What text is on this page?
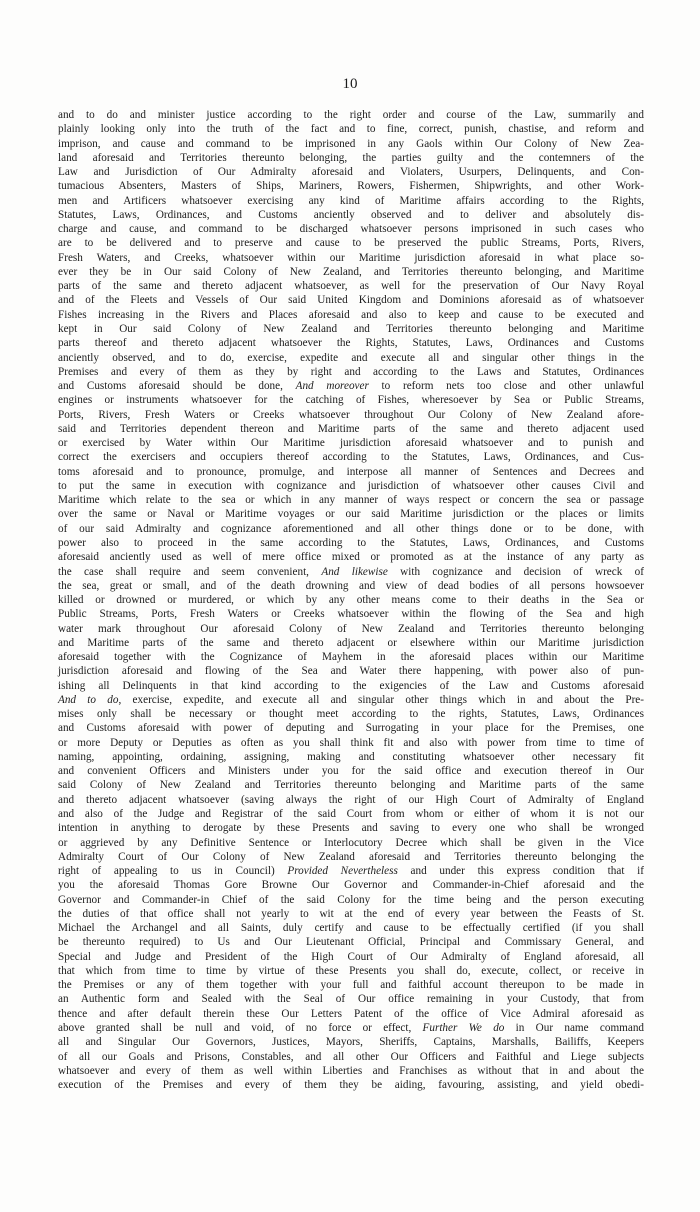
10
and to do and minister justice according to the right order and course of the Law, summarily and
plainly looking only into the truth of the fact and to fine, correct, punish, chastise, and reform and
imprison, and cause and command to be imprisoned in any Gaols within Our Colony of New Zea-
land aforesaid and Territories thereunto belonging, the parties guilty and the contemners of the
Law and Jurisdiction of Our Admiralty aforesaid and Violaters, Usurpers, Delinquents, and Con-
tumacious Absenters, Masters of Ships, Mariners, Rowers, Fishermen, Shipwrights, and other Work-
men and Artificers whatsoever exercising any kind of Maritime affairs according to the Rights,
Statutes, Laws, Ordinances, and Customs anciently observed and to deliver and absolutely dis-
charge and cause, and command to be discharged whatsoever persons imprisoned in such cases who
are to be delivered and to preserve and cause to be preserved the public Streams, Ports, Rivers,
Fresh Waters, and Creeks, whatsoever within our Maritime jurisdiction aforesaid in what place so-
ever they be in Our said Colony of New Zealand, and Territories thereunto belonging, and Maritime
parts of the same and thereto adjacent whatsoever, as well for the preservation of Our Navy Royal
and of the Fleets and Vessels of Our said United Kingdom and Dominions aforesaid as of whatsoever
Fishes increasing in the Rivers and Places aforesaid and also to keep and cause to be executed and
kept in Our said Colony of New Zealand and Territories thereunto belonging and Maritime
parts thereof and thereto adjacent whatsoever the Rights, Statutes, Laws, Ordinances and Customs
anciently observed, and to do, exercise, expedite and execute all and singular other things in the
Premises and every of them as they by right and according to the Laws and Statutes, Ordinances
and Customs aforesaid should be done, And moreover to reform nets too close and other unlawful
engines or instruments whatsoever for the catching of Fishes, wheresoever by Sea or Public Streams,
Ports, Rivers, Fresh Waters or Creeks whatsoever throughout Our Colony of New Zealand afore-
said and Territories dependent thereon and Maritime parts of the same and thereto adjacent used
or exercised by Water within Our Maritime jurisdiction aforesaid whatsoever and to punish and
correct the exercisers and occupiers thereof according to the Statutes, Laws, Ordinances, and Cus-
toms aforesaid and to pronounce, promulge, and interpose all manner of Sentences and Decrees and
to put the same in execution with cognizance and jurisdiction of whatsoever other causes Civil and
Maritime which relate to the sea or which in any manner of ways respect or concern the sea or passage
over the same or Naval or Maritime voyages or our said Maritime jurisdiction or the places or limits
of our said Admiralty and cognizance aforementioned and all other things done or to be done, with
power also to proceed in the same according to the Statutes, Laws, Ordinances, and Customs
aforesaid anciently used as well of mere office mixed or promoted as at the instance of any party as
the case shall require and seem convenient, And likewise with cognizance and decision of wreck of
the sea, great or small, and of the death drowning and view of dead bodies of all persons howsoever
killed or drowned or murdered, or which by any other means come to their deaths in the Sea or
Public Streams, Ports, Fresh Waters or Creeks whatsoever within the flowing of the Sea and high
water mark throughout Our aforesaid Colony of New Zealand and Territories thereunto belonging
and Maritime parts of the same and thereto adjacent or elsewhere within our Maritime jurisdiction
aforesaid together with the Cognizance of Mayhem in the aforesaid places within our Maritime
jurisdiction aforesaid and flowing of the Sea and Water there happening, with power also of pun-
ishing all Delinquents in that kind according to the exigencies of the Law and Customs aforesaid
And to do, exercise, expedite, and execute all and singular other things which in and about the Pre-
mises only shall be necessary or thought meet according to the rights, Statutes, Laws, Ordinances
and Customs aforesaid with power of deputing and Surrogating in your place for the Premises, one
or more Deputy or Deputies as often as you shall think fit and also with power from time to time of
naming, appointing, ordaining, assigning, making and constituting whatsoever other necessary fit
and convenient Officers and Ministers under you for the said office and execution thereof in Our
said Colony of New Zealand and Territories thereunto belonging and Maritime parts of the same
and thereto adjacent whatsoever (saving always the right of our High Court of Admiralty of England
and also of the Judge and Registrar of the said Court from whom or either of whom it is not our
intention in anything to derogate by these Presents and saving to every one who shall be wronged
or aggrieved by any Definitive Sentence or Interlocutory Decree which shall be given in the Vice
Admiralty Court of Our Colony of New Zealand aforesaid and Territories thereunto belonging the
right of appealing to us in Council) Provided Nevertheless and under this express condition that if
you the aforesaid Thomas Gore Browne Our Governor and Commander-in-Chief aforesaid and the
Governor and Commander-in Chief of the said Colony for the time being and the person executing
the duties of that office shall not yearly to wit at the end of every year between the Feasts of St.
Michael the Archangel and all Saints, duly certify and cause to be effectually certified (if you shall
be thereunto required) to Us and Our Lieutenant Official, Principal and Commissary General, and
Special and Judge and President of the High Court of Our Admiralty of England aforesaid, all
that which from time to time by virtue of these Presents you shall do, execute, collect, or receive in
the Premises or any of them together with your full and faithful account thereupon to be made in
an Authentic form and Sealed with the Seal of Our office remaining in your Custody, that from
thence and after default therein these Our Letters Patent of the office of Vice Admiral aforesaid as
above granted shall be null and void, of no force or effect, Further We do in Our name command
all and Singular Our Governors, Justices, Mayors, Sheriffs, Captains, Marshalls, Bailiffs, Keepers
of all our Goals and Prisons, Constables, and all other Our Officers and Faithful and Liege subjects
whatsoever and every of them as well within Liberties and Franchises as without that in and about the
execution of the Premises and every of them they be aiding, favouring, assisting, and yield obedi-
